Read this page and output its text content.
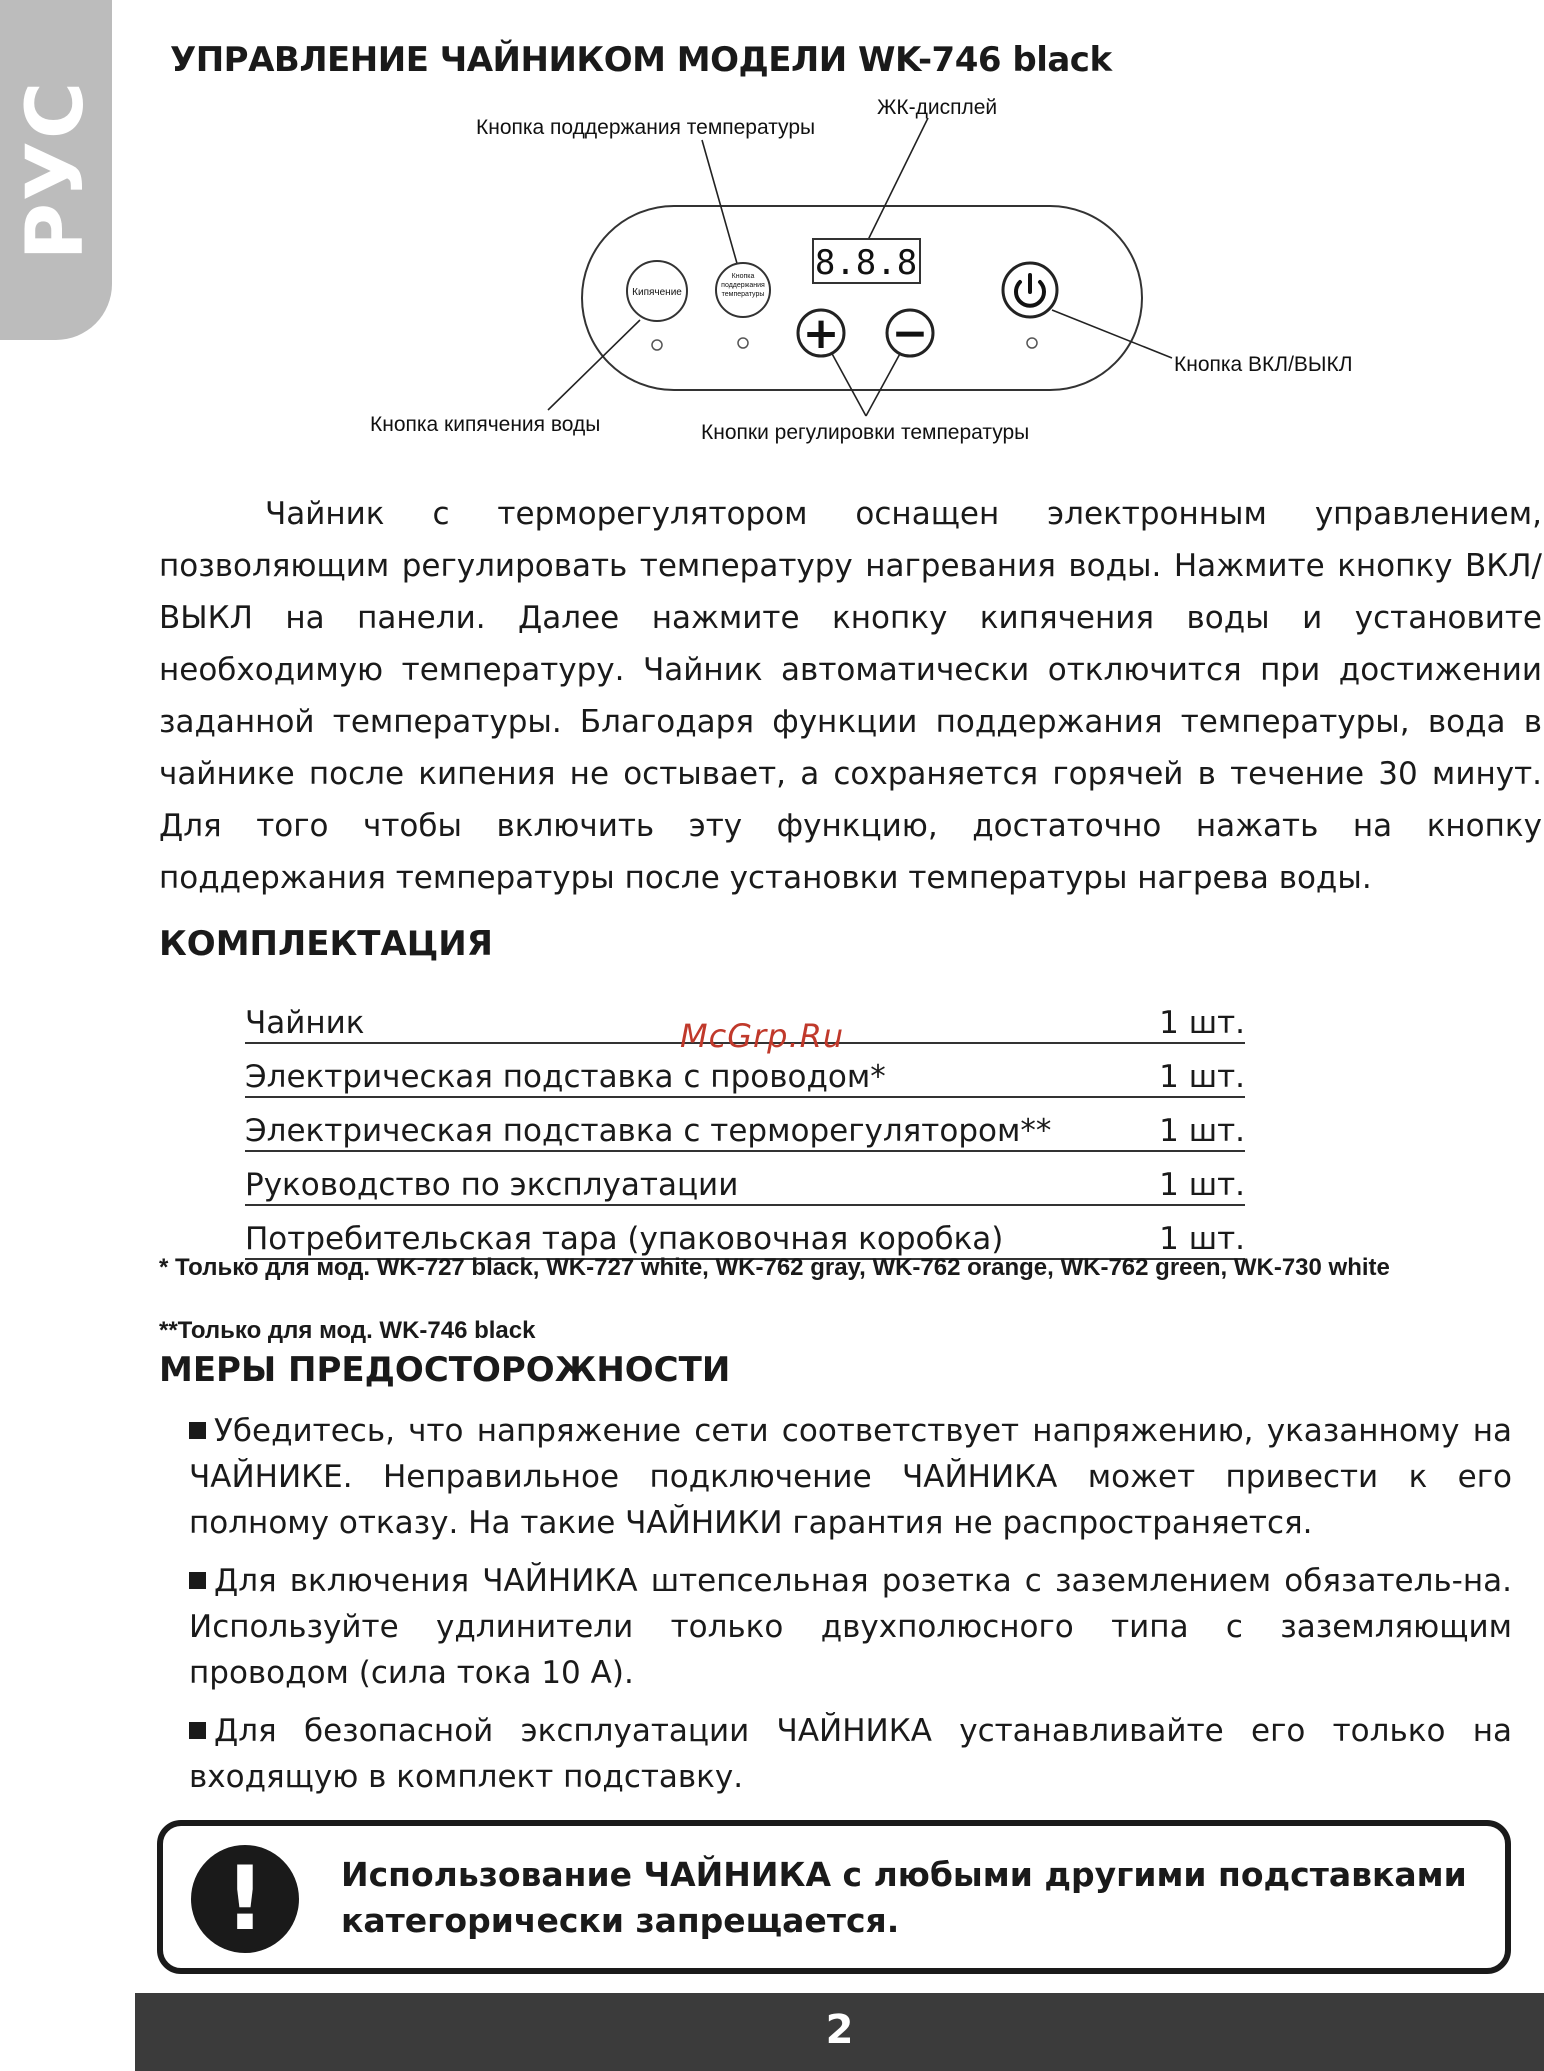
РУС
УПРАВЛЕНИЕ ЧАЙНИКОМ МОДЕЛИ WK-746 black
Кипячение
Кнопка поддержания температуры
8.8.8
+ −
Кнопка поддержания температуры
ЖК-дисплей
Кнопка ВКЛ/ВЫКЛ
Кнопка кипячения воды	Кнопки регулировки температуры

Чайник с терморегулятором оснащен электронным управлением, позволяющим регулировать температуру нагревания воды. Нажмите кнопку ВКЛ/ВЫКЛ на панели. Далее нажмите кнопку кипячения воды и установите необходимую температуру. Чайник автоматически отключится при достижении заданной температуры. Благодаря функции поддержания температуры, вода в чайнике после кипения не остывает, а сохраняется горячей в течение 30 минут. Для того чтобы включить эту функцию, достаточно нажать на кнопку поддержания температуры после установки температуры нагрева воды.

КОМПЛЕКТАЦИЯ
Чайник	1 шт.
Электрическая подставка с проводом*	1 шт.
Электрическая подставка с терморегулятором**	1 шт.
Руководство по эксплуатации	1 шт.
Потребительская тара (упаковочная коробка)	1 шт.
McGrp.Ru

* Только для мод. WK-727 black, WK-727 white, WK-762 gray, WK-762 orange, WK-762 green, WK-730 white

**Только для мод. WK-746 black

МЕРЫ ПРЕДОСТОРОЖНОСТИ
Убедитесь, что напряжение сети соответствует напряжению, указанному на ЧАЙНИКЕ. Неправильное подключение ЧАЙНИКА может привести к его полному отказу. На такие ЧАЙНИКИ гарантия не распространяется.
Для включения ЧАЙНИКА штепсельная розетка с заземлением обязатель-на. Используйте удлинители только двухполюсного типа с заземляющим проводом (сила тока 10 А).
Для безопасной эксплуатации ЧАЙНИКА устанавливайте его только на входящую в комплект подставку.
!	Использование ЧАЙНИКА с любыми другими подставками категорически запрещается.

2
